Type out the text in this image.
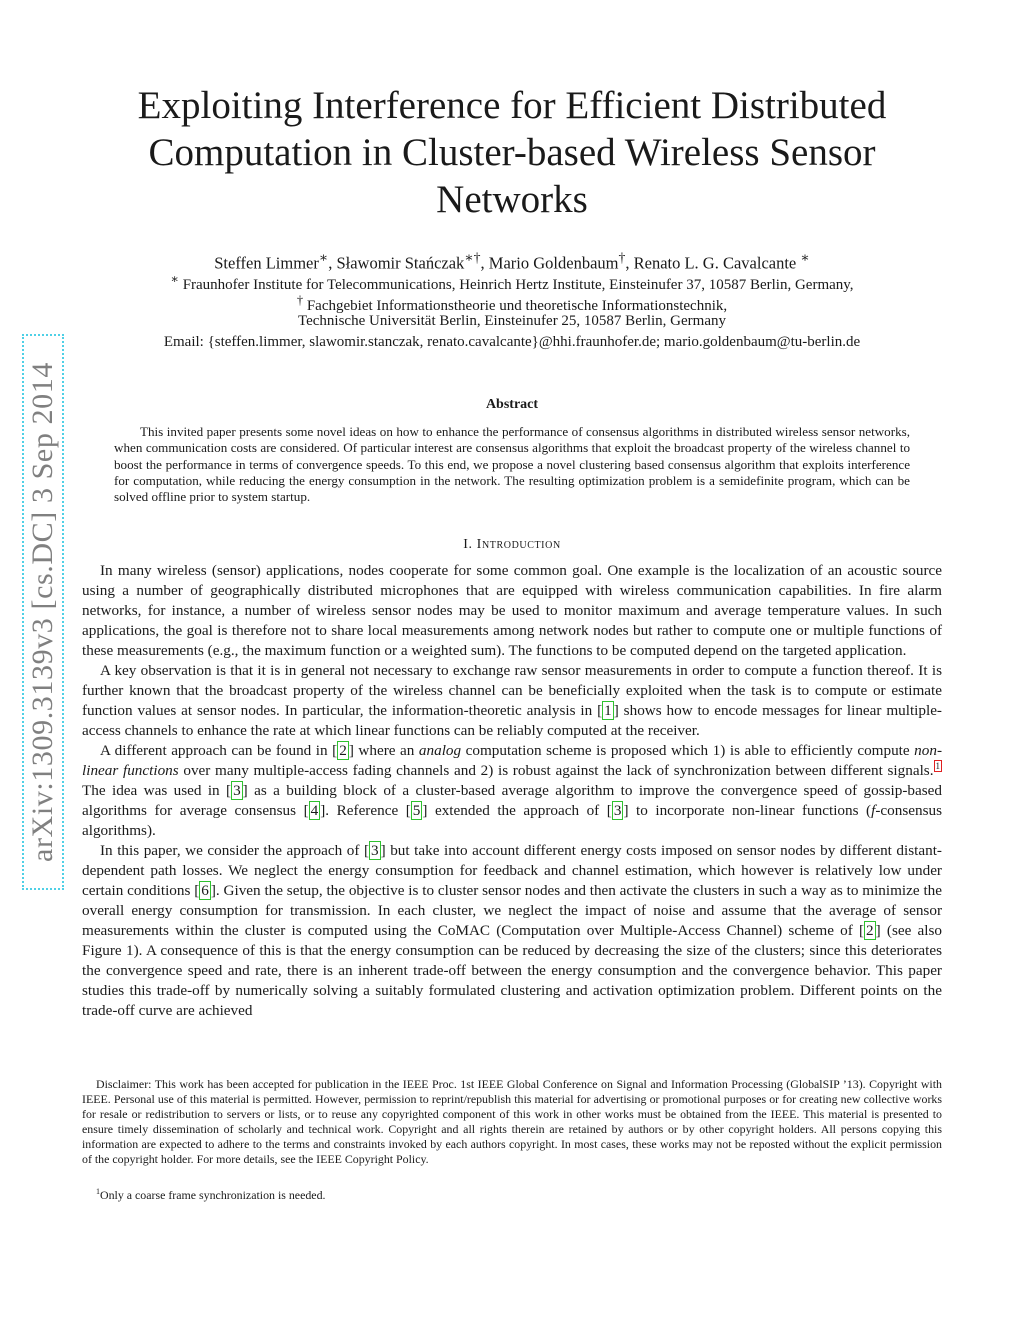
arXiv:1309.3139v3 [cs.DC] 3 Sep 2014
Exploiting Interference for Efficient Distributed Computation in Cluster-based Wireless Sensor Networks
Steffen Limmer∗, Sławomir Stańczak∗†, Mario Goldenbaum†, Renato L. G. Cavalcante ∗
∗ Fraunhofer Institute for Telecommunications, Heinrich Hertz Institute, Einsteinufer 37, 10587 Berlin, Germany,
† Fachgebiet Informationstheorie und theoretische Informationstechnik,
Technische Universität Berlin, Einsteinufer 25, 10587 Berlin, Germany
Email: {steffen.limmer, slawomir.stanczak, renato.cavalcante}@hhi.fraunhofer.de; mario.goldenbaum@tu-berlin.de
Abstract

This invited paper presents some novel ideas on how to enhance the performance of consensus algorithms in distributed wireless sensor networks, when communication costs are considered. Of particular interest are consensus algorithms that exploit the broadcast property of the wireless channel to boost the performance in terms of convergence speeds. To this end, we propose a novel clustering based consensus algorithm that exploits interference for computation, while reducing the energy consumption in the network. The resulting optimization problem is a semidefinite program, which can be solved offline prior to system startup.

I. Introduction

In many wireless (sensor) applications, nodes cooperate for some common goal. One example is the localization of an acoustic source using a number of geographically distributed microphones that are equipped with wireless communication capabilities. In fire alarm networks, for instance, a number of wireless sensor nodes may be used to monitor maximum and average temperature values. In such applications, the goal is therefore not to share local measurements among network nodes but rather to compute one or multiple functions of these measurements (e.g., the maximum function or a weighted sum). The functions to be computed depend on the targeted application.

A key observation is that it is in general not necessary to exchange raw sensor measurements in order to compute a function thereof. It is further known that the broadcast property of the wireless channel can be beneficially exploited when the task is to compute or estimate function values at sensor nodes. In particular, the information-theoretic analysis in [ 1 ] shows how to encode messages for linear multiple-access channels to enhance the rate at which linear functions can be reliably computed at the receiver.

A different approach can be found in [ 2 ] where an analog computation scheme is proposed which 1) is able to efficiently compute non-linear functions over many multiple-access fading channels and 2) is robust against the lack of synchronization between different signals. $^1$ The idea was used in [ 3 ] as a building block of a cluster-based average algorithm to improve the convergence speed of gossip-based algorithms for average consensus [ 4 ]. Reference [ 5 ] extended the approach of [ 3 ] to incorporate non-linear functions (f-consensus algorithms).

In this paper, we consider the approach of [ 3 ] but take into account different energy costs imposed on sensor nodes by different distant-dependent path losses. We neglect the energy consumption for feedback and channel estimation, which however is relatively low under certain conditions [ 6 ]. Given the setup, the objective is to cluster sensor nodes and then activate the clusters in such a way as to minimize the overall energy consumption for transmission. In each cluster, we neglect the impact of noise and assume that the average of sensor measurements within the cluster is computed using the CoMAC (Computation over Multiple-Access Channel) scheme of [ 2 ] (see also Figure 1). A consequence of this is that the energy consumption can be reduced by decreasing the size of the clusters; since this deteriorates the convergence speed and rate, there is an inherent trade-off between the energy consumption and the convergence behavior. This paper studies this trade-off by numerically solving a suitably formulated clustering and activation optimization problem. Different points on the trade-off curve are achieved

Disclaimer: This work has been accepted for publication in the IEEE Proc. 1st IEEE Global Conference on Signal and Information Processing (GlobalSIP ’13). Copyright with IEEE. Personal use of this material is permitted. However, permission to reprint/republish this material for advertising or promotional purposes or for creating new collective works for resale or redistribution to servers or lists, or to reuse any copyrighted component of this work in other works must be obtained from the IEEE. This material is presented to ensure timely dissemination of scholarly and technical work. Copyright and all rights therein are retained by authors or by other copyright holders. All persons copying this information are expected to adhere to the terms and constraints invoked by each authors copyright. In most cases, these works may not be reposted without the explicit permission of the copyright holder. For more details, see the IEEE Copyright Policy.

$^1$Only a coarse frame synchronization is needed.
